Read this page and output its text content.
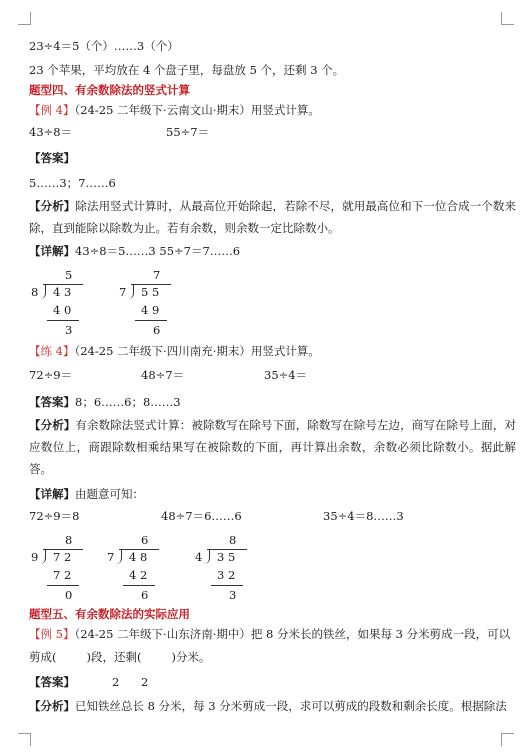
23÷4＝5（个）……3（个）
23 个苹果，平均放在 4 个盘子里，每盘放 5 个，还剩 3 个。
题型四、有余数除法的竖式计算
【例 4】（24-25 二年级下·云南文山·期末）用竖式计算。
43÷8＝	55÷7＝
【答案】
5……3；7……6
【分析】除法用竖式计算时，从最高位开始除起，若除不尽，就用最高位和下一位合成一个数来除，直到能除以除数为止。若有余数，则余数一定比除数小。
【详解】43÷8＝5……3 55÷7＝7……6
5
8 4 3
4 0
3
7
7 5 5
4 9
6
【练 4】（24-25 二年级下·四川南充·期末）用竖式计算。
72÷9＝	48÷7＝	35÷4＝
【答案】8；6……6；8……3
【分析】有余数除法竖式计算：被除数写在除号下面，除数写在除号左边，商写在除号上面，对应数位上，商跟除数相乘结果写在被除数的下面，再计算出余数，余数必须比除数小。据此解答。
【详解】由题意可知：
72÷9＝8	48÷7＝6……6	35÷4＝8……3
8
9 7 2
7 2
0
6
7 4 8
4 2
6
8
4 3 5
3 2
3
题型五、有余数除法的实际应用
【例 5】（24-25 二年级下·山东济南·期中）把 8 分米长的铁丝，如果每 3 分米剪成一段，可以
剪成(	)段，还剩(	)分米。
【答案】	2 2
【分析】已知铁丝总长 8 分米，每 3 分米剪成一段，求可以剪成的段数和剩余长度。根据除法
